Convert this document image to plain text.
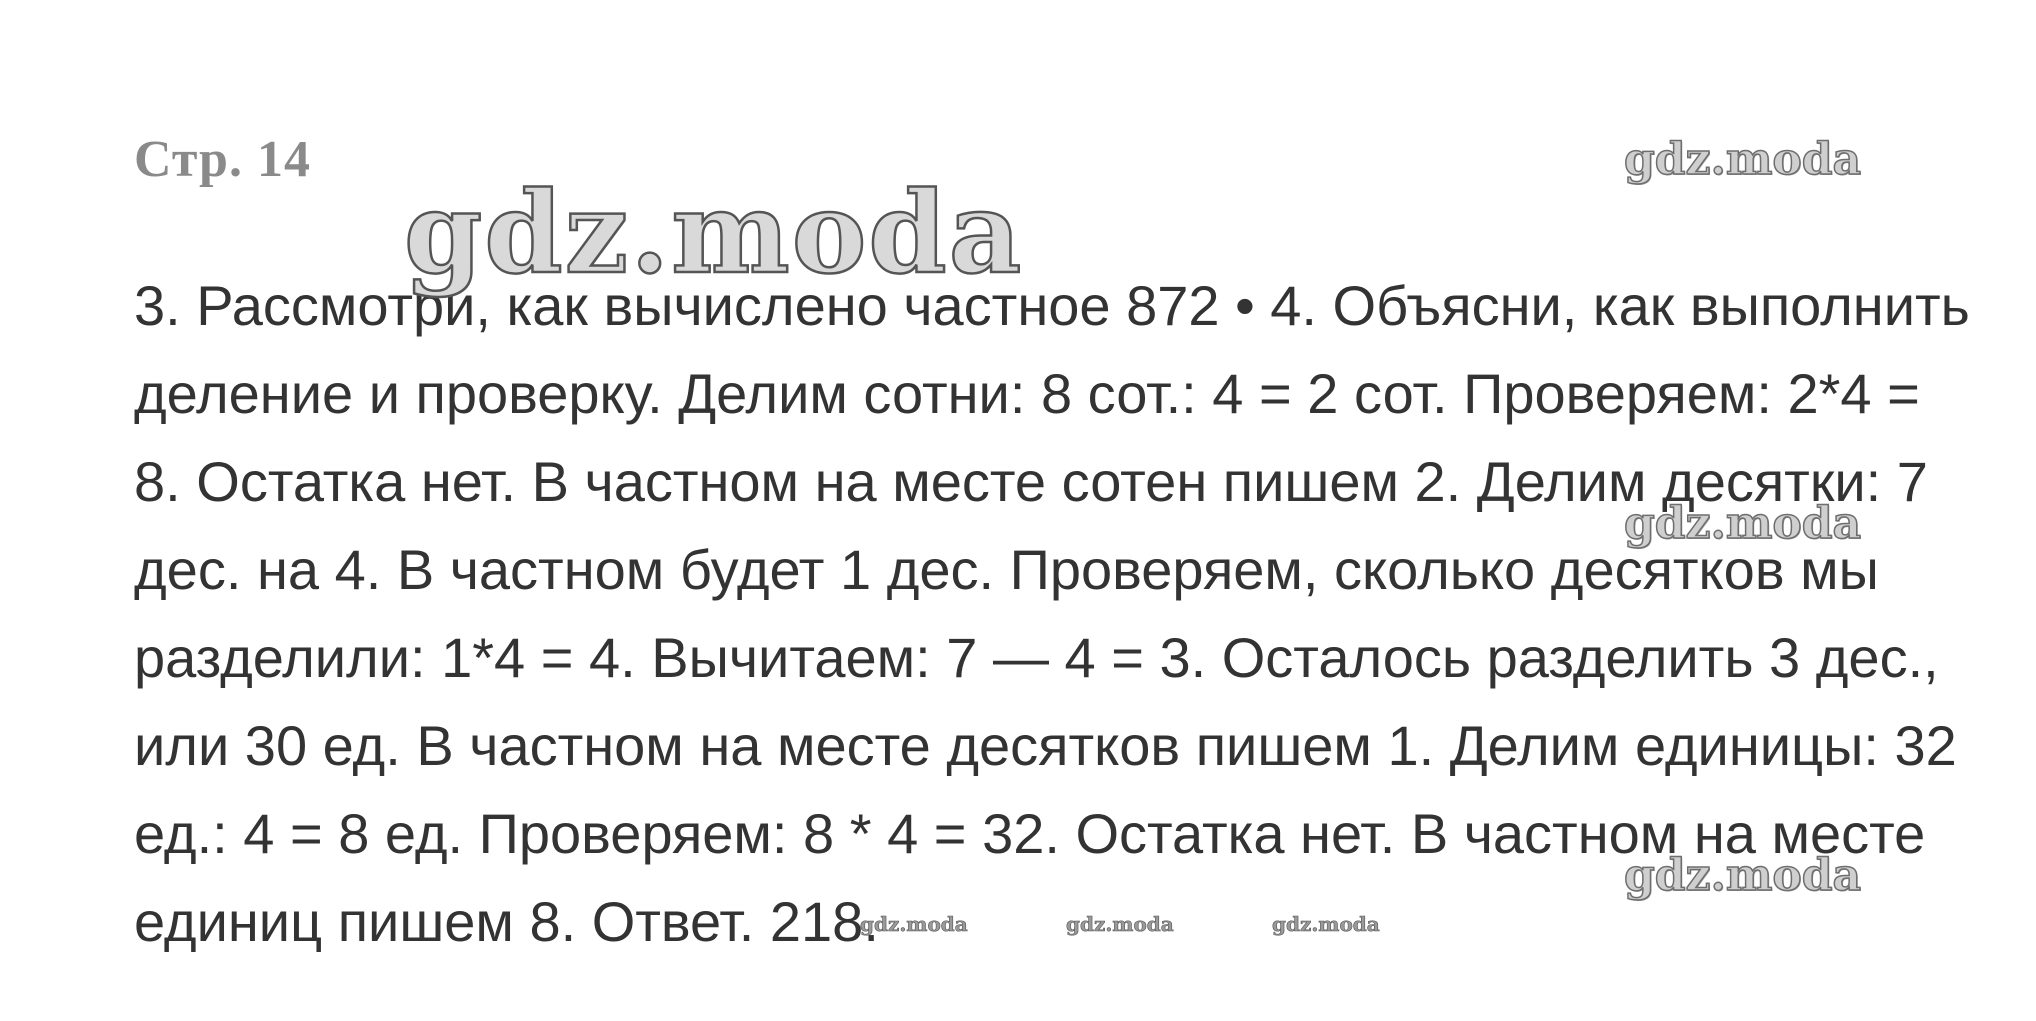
Стр. 14
3. Рассмотри, как вычислено частное 872 • 4. Объясни, как выполнить
деление и проверку. Делим сотни: 8 сот.: 4 = 2 сот. Проверяем: 2*4 =
8. Остатка нет. В частном на месте сотен пишем 2. Делим десятки: 7
дес. на 4. В частном будет 1 дес. Проверяем, сколько десятков мы
разделили: 1*4 = 4. Вычитаем: 7 — 4 = 3. Осталось разделить 3 дес.,
или 30 ед. В частном на месте десятков пишем 1. Делим единицы: 32
ед.: 4 = 8 ед. Проверяем: 8 * 4 = 32. Остатка нет. В частном на месте
единиц пишем 8. Ответ. 218.
gdz.moda
gdz.moda
gdz.moda
gdz.moda
gdz.moda	gdz.moda	gdz.moda
